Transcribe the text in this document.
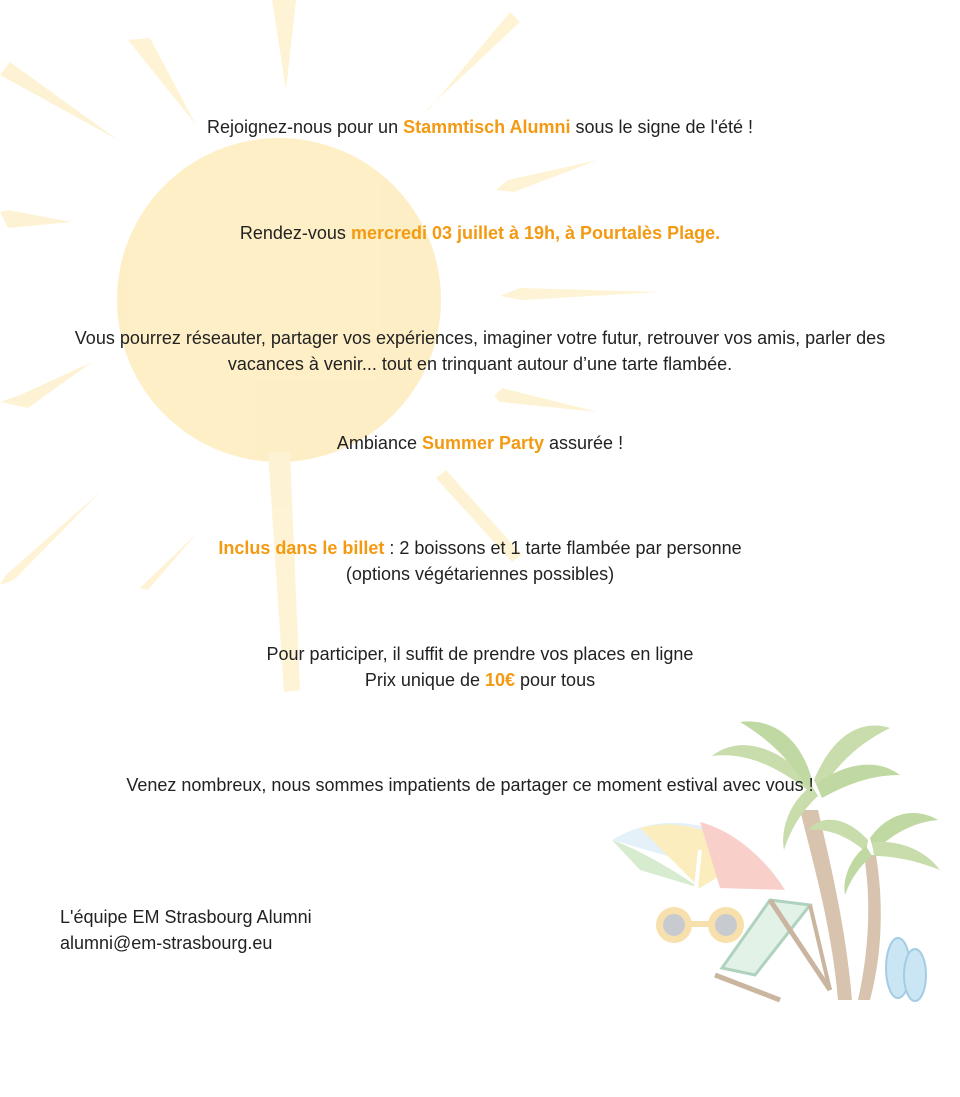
Rejoignez-nous pour un Stammtisch Alumni sous le signe de l'été !

Rendez-vous mercredi 03 juillet à 19h, à Pourtalès Plage.

Vous pourrez réseauter, partager vos expériences, imaginer votre futur, retrouver vos amis, parler des
vacances à venir... tout en trinquant autour d’une tarte flambée.

Ambiance Summer Party assurée !

Inclus dans le billet : 2 boissons et 1 tarte flambée par personne
(options végétariennes possibles)

Pour participer, il suffit de prendre vos places en ligne
Prix unique de 10€ pour tous

Venez nombreux, nous sommes impatients de partager ce moment estival avec vous !

L'équipe EM Strasbourg Alumni
alumni@em-strasbourg.eu
